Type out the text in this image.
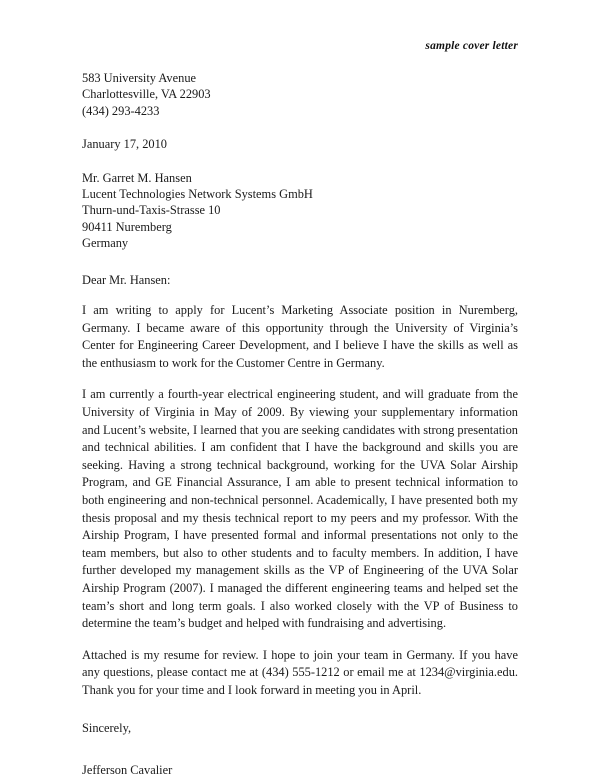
sample cover letter
583 University Avenue
Charlottesville, VA 22903
(434) 293-4233
January 17, 2010
Mr. Garret M. Hansen
Lucent Technologies Network Systems GmbH
Thurn-und-Taxis-Strasse 10
90411 Nuremberg
Germany
Dear Mr. Hansen:

I am writing to apply for Lucent’s Marketing Associate position in Nuremberg, Germany. I became aware of this opportunity through the University of Virginia’s Center for Engineering Career Development, and I believe I have the skills as well as the enthusiasm to work for the Customer Centre in Germany.

I am currently a fourth-year electrical engineering student, and will graduate from the University of Virginia in May of 2009. By viewing your supplementary information and Lucent’s website, I learned that you are seeking candidates with strong presentation and technical abilities. I am confident that I have the background and skills you are seeking. Having a strong technical background, working for the UVA Solar Airship Program, and GE Financial Assurance, I am able to present technical information to both engineering and non-technical personnel. Academically, I have presented both my thesis proposal and my thesis technical report to my peers and my professor. With the Airship Program, I have presented formal and informal presentations not only to the team members, but also to other students and to faculty members. In addition, I have further developed my management skills as the VP of Engineering of the UVA Solar Airship Program (2007). I managed the different engineering teams and helped set the team’s short and long term goals. I also worked closely with the VP of Business to determine the team’s budget and helped with fundraising and advertising.

Attached is my resume for review. I hope to join your team in Germany. If you have any questions, please contact me at (434) 555-1212 or email me at 1234@virginia.edu. Thank you for your time and I look forward in meeting you in April.

Sincerely,
Jefferson Cavalier
